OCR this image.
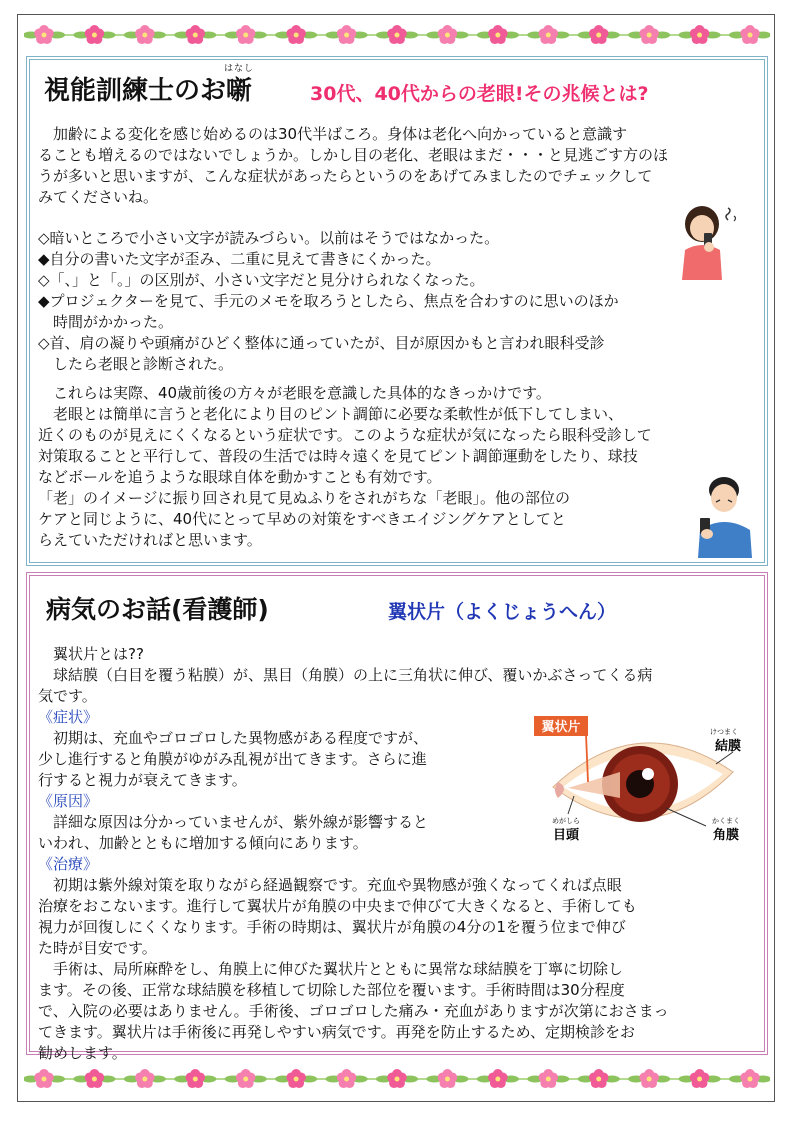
視能訓練士のお
はなし
噺	30代、40代からの老眼!その兆候とは?
　加齢による変化を感じ始めるのは30代半ばころ。身体は老化へ向かっていると意識す
ることも増えるのではないでしょうか。しかし目の老化、老眼はまだ・・・と見逃ごす方のほ
うが多いと思いますが、こんな症状があったらというのをあげてみましたのでチェックして
みてくださいね。
◇暗いところで小さい文字が読みづらい。以前はそうではなかった。
◆自分の書いた文字が歪み、二重に見えて書きにくかった。
◇「、」と「。」の区別が、小さい文字だと見分けられなくなった。
◆プロジェクターを見て、手元のメモを取ろうとしたら、焦点を合わすのに思いのほか
　時間がかかった。
◇首、肩の凝りや頭痛がひどく整体に通っていたが、目が原因かもと言われ眼科受診
　したら老眼と診断された。
　これらは実際、40歳前後の方々が老眼を意識した具体的なきっかけです。
　老眼とは簡単に言うと老化により目のピント調節に必要な柔軟性が低下してしまい、
近くのものが見えにくくなるという症状です。このような症状が気になったら眼科受診して
対策取ることと平行して、普段の生活では時々遠くを見てピント調節運動をしたり、球技
などボールを追うような眼球自体を動かすことも有効です。
「老」のイメージに振り回され見て見ぬふりをされがちな「老眼」。他の部位の
ケアと同じように、40代にとって早めの対策をすべきエイジングケアとしてと
らえていただければと思います。
病気のお話(看護師)	翼状片（よくじょうへん）
　翼状片とは??
　球結膜（白目を覆う粘膜）が、黒目（角膜）の上に三角状に伸び、覆いかぶさってくる病
気です。
《症状》
　初期は、充血やゴロゴロした異物感がある程度ですが、
少し進行すると角膜がゆがみ乱視が出てきます。さらに進
行すると視力が衰えてきます。
《原因》
　詳細な原因は分かっていませんが、紫外線が影響すると
いわれ、加齢とともに増加する傾向にあります。
《治療》
　初期は紫外線対策を取りながら経過観察です。充血や異物感が強くなってくれば点眼
治療をおこないます。進行して翼状片が角膜の中央まで伸びて大きくなると、手術しても
視力が回復しにくくなります。手術の時期は、翼状片が角膜の4分の1を覆う位まで伸び
た時が目安です。
　手術は、局所麻酔をし、角膜上に伸びた翼状片とともに異常な球結膜を丁寧に切除し
ます。その後、正常な球結膜を移植して切除した部位を覆います。手術時間は30分程度
で、入院の必要はありません。手術後、ゴロゴロした痛み・充血がありますが次第におさまっ
てきます。翼状片は手術後に再発しやすい病気です。再発を防止するため、定期検診をお
勧めします。
翼状片	けつまく
結膜
めがしら
目頭
かくまく
角膜
